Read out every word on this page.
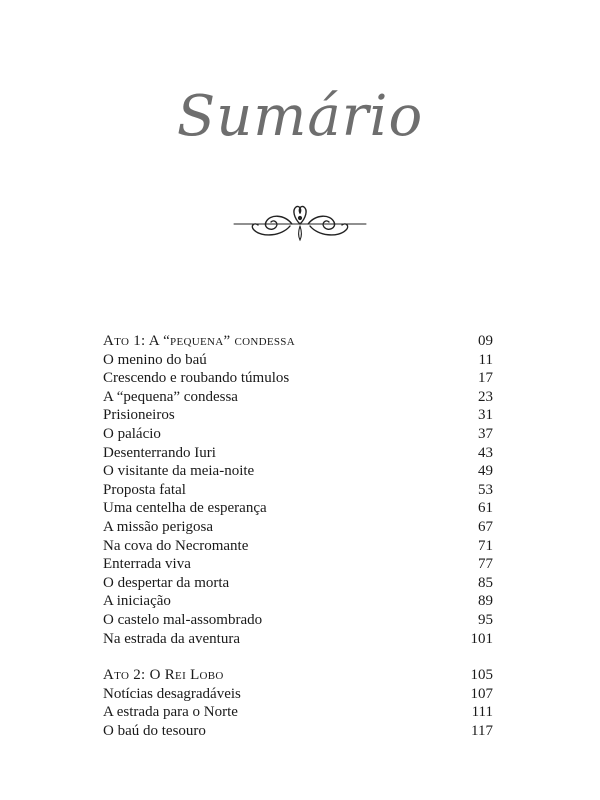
Sumário
Ato 1: A “pequena” condessa	09
O menino do baú	11
Crescendo e roubando túmulos	17
A “pequena” condessa	23
Prisioneiros	31
O palácio	37
Desenterrando Iuri	43
O visitante da meia-noite	49
Proposta fatal	53
Uma centelha de esperança	61
A missão perigosa	67
Na cova do Necromante	71
Enterrada viva	77
O despertar da morta	85
A iniciação	89
O castelo mal-assombrado	95
Na estrada da aventura	101
Ato 2: O Rei Lobo	105
Notícias desagradáveis	107
A estrada para o Norte	111
O baú do tesouro	117
